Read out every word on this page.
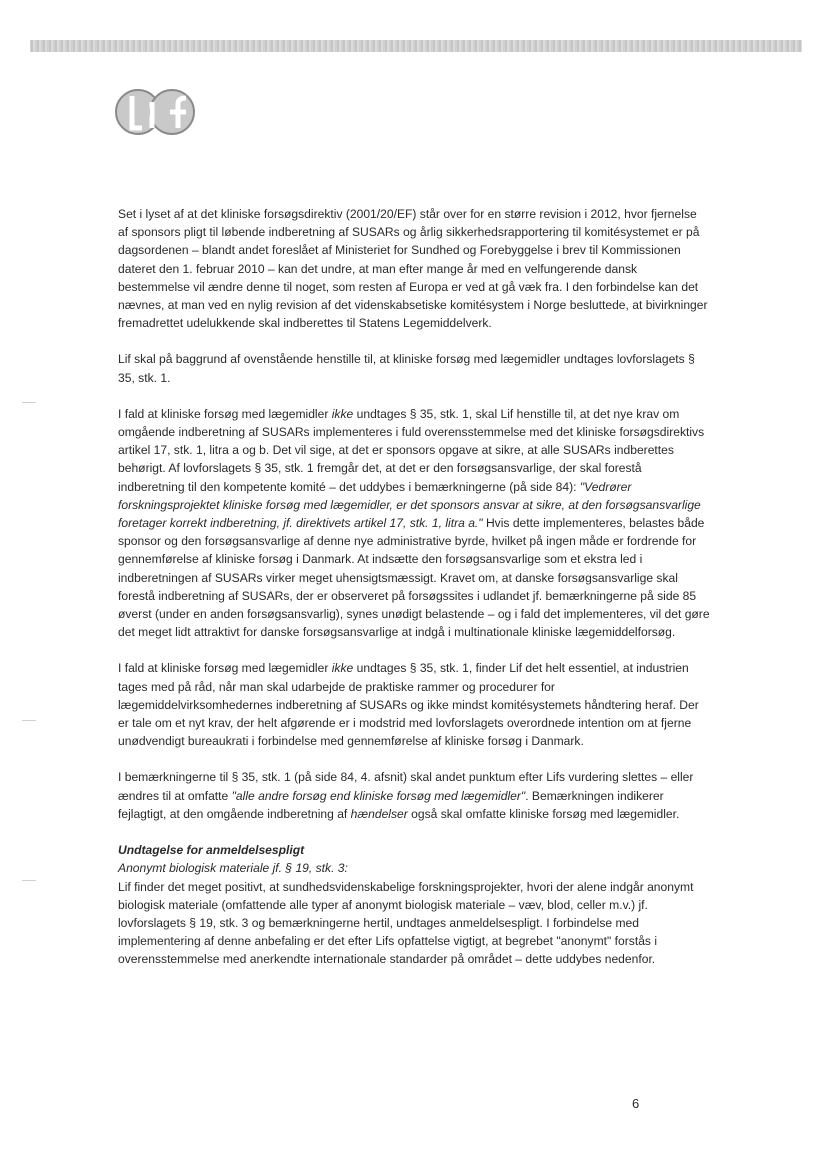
Set i lyset af at det kliniske forsøgsdirektiv (2001/20/EF) står over for en større revision i 2012, hvor fjernelse af sponsors pligt til løbende indberetning af SUSARs og årlig sikkerhedsrapportering til komitésystemet er på dagsordenen – blandt andet foreslået af Ministeriet for Sundhed og Forebyggelse i brev til Kommissionen dateret den 1. februar 2010 – kan det undre, at man efter mange år med en velfungerende dansk bestemmelse vil ændre denne til noget, som resten af Europa er ved at gå væk fra. I den forbindelse kan det nævnes, at man ved en nylig revision af det videnskabsetiske komitésystem i Norge besluttede, at bivirkninger fremadrettet udelukkende skal indberettes til Statens Legemiddelverk.

Lif skal på baggrund af ovenstående henstille til, at kliniske forsøg med lægemidler undtages lovforslagets § 35, stk. 1.

I fald at kliniske forsøg med lægemidler ikke undtages § 35, stk. 1, skal Lif henstille til, at det nye krav om omgående indberetning af SUSARs implementeres i fuld overensstemmelse med det kliniske forsøgsdirektivs artikel 17, stk. 1, litra a og b. Det vil sige, at det er sponsors opgave at sikre, at alle SUSARs indberettes behørigt. Af lovforslagets § 35, stk. 1 fremgår det, at det er den forsøgsansvarlige, der skal forestå indberetning til den kompetente komité – det uddybes i bemærkningerne (på side 84): "Vedrører forskningsprojektet kliniske forsøg med lægemidler, er det sponsors ansvar at sikre, at den forsøgsansvarlige foretager korrekt indberetning, jf. direktivets artikel 17, stk. 1, litra a." Hvis dette implementeres, belastes både sponsor og den forsøgsansvarlige af denne nye administrative byrde, hvilket på ingen måde er fordrende for gennemførelse af kliniske forsøg i Danmark. At indsætte den forsøgsansvarlige som et ekstra led i indberetningen af SUSARs virker meget uhensigtsmæssigt. Kravet om, at danske forsøgsansvarlige skal forestå indberetning af SUSARs, der er observeret på forsøgssites i udlandet jf. bemærkningerne på side 85 øverst (under en anden forsøgsansvarlig), synes unødigt belastende – og i fald det implementeres, vil det gøre det meget lidt attraktivt for danske forsøgsansvarlige at indgå i multinationale kliniske lægemiddelforsøg.

I fald at kliniske forsøg med lægemidler ikke undtages § 35, stk. 1, finder Lif det helt essentiel, at industrien tages med på råd, når man skal udarbejde de praktiske rammer og procedurer for lægemiddelvirksomhedernes indberetning af SUSARs og ikke mindst komitésystemets håndtering heraf. Der er tale om et nyt krav, der helt afgørende er i modstrid med lovforslagets overordnede intention om at fjerne unødvendigt bureaukrati i forbindelse med gennemførelse af kliniske forsøg i Danmark.

I bemærkningerne til § 35, stk. 1 (på side 84, 4. afsnit) skal andet punktum efter Lifs vurdering slettes – eller ændres til at omfatte "alle andre forsøg end kliniske forsøg med lægemidler". Bemærkningen indikerer fejlagtigt, at den omgående indberetning af hændelser også skal omfatte kliniske forsøg med lægemidler.

Undtagelse for anmeldelsespligt
Anonymt biologisk materiale jf. § 19, stk. 3:

Lif finder det meget positivt, at sundhedsvidenskabelige forskningsprojekter, hvori der alene indgår anonymt biologisk materiale (omfattende alle typer af anonymt biologisk materiale – væv, blod, celler m.v.) jf. lovforslagets § 19, stk. 3 og bemærkningerne hertil, undtages anmeldelsespligt. I forbindelse med implementering af denne anbefaling er det efter Lifs opfattelse vigtigt, at begrebet "anonymt" forstås i overensstemmelse med anerkendte internationale standarder på området – dette uddybes nedenfor.

6
